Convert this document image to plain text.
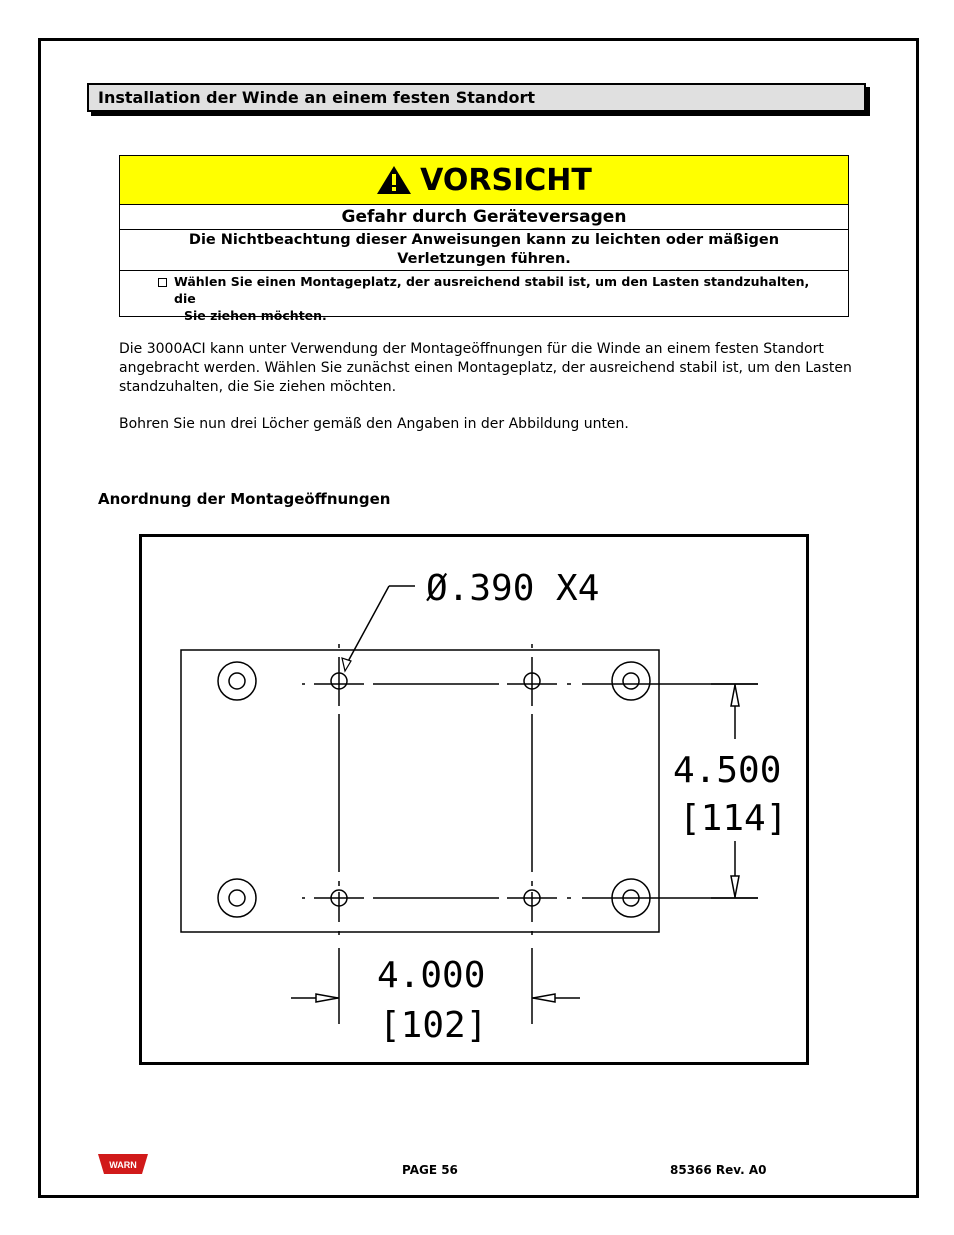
Installation der Winde an einem festen Standort
VORSICHT
Gefahr durch Geräteversagen
Die Nichtbeachtung dieser Anweisungen kann zu leichten oder mäßigen
Verletzungen führen.
Wählen Sie einen Montageplatz, der ausreichend stabil ist, um den Lasten standzuhalten, die
Sie ziehen möchten.
Die 3000ACI kann unter Verwendung der Montageöffnungen für die Winde an einem festen Standort
angebracht werden. Wählen Sie zunächst einen Montageplatz, der ausreichend stabil ist, um den Lasten
standzuhalten, die Sie ziehen möchten.
Bohren Sie nun drei Löcher gemäß den Angaben in der Abbildung unten.
Anordnung der Montageöffnungen
Ø.390 X4
4.500
[114]
4.000
[102]
WARN	PAGE 56	85366 Rev. A0
